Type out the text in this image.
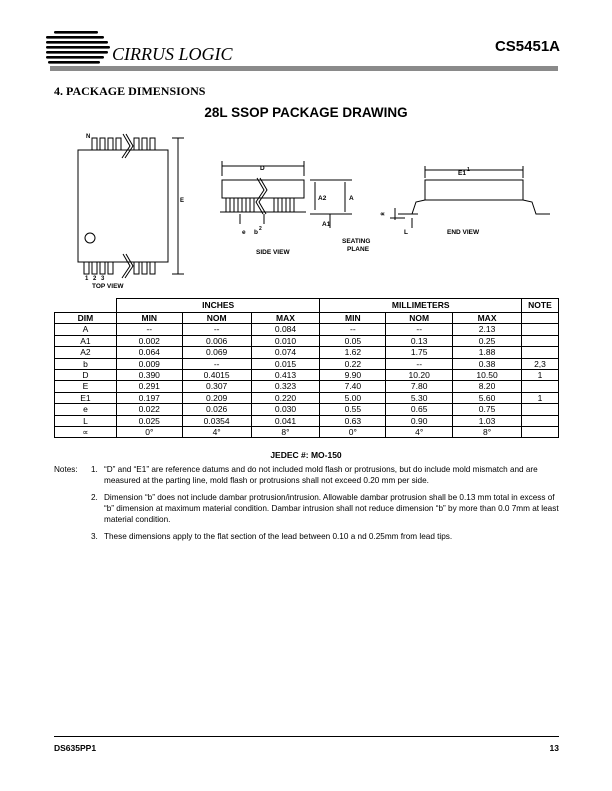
CIRRUS LOGIC	CS5451A
4. PACKAGE DIMENSIONS
28L SSOP PACKAGE DRAWING
N
E
1 2 3
TOP VIEW
D
A2	A
A1
e b 2
SEATING
PLANE
SIDE VIEW
E1 1
∝
L	END VIEW
	INCHES			MILLIMETERS			NOTE
DIM	MIN	NOM	MAX	MIN	NOM	MAX	
A	--	--	0.084	--	--	2.13	
A1	0.002	0.006	0.010	0.05	0.13	0.25	
A2	0.064	0.069	0.074	1.62	1.75	1.88	
b	0.009	--	0.015	0.22	--	0.38	2,3
D	0.390	0.4015	0.413	9.90	10.20	10.50	1
E	0.291	0.307	0.323	7.40	7.80	8.20	
E1	0.197	0.209	0.220	5.00	5.30	5.60	1
e	0.022	0.026	0.030	0.55	0.65	0.75	
L	0.025	0.0354	0.041	0.63	0.90	1.03	
∝	0°	4°	8°	0°	4°	8°	
JEDEC #: MO-150
Notes: 1. “D” and “E1” are reference datums and do not included mold flash or protrusions, but do include mold mismatch and are measured at the parting line, mold flash or protrusions shall not exceed 0.20 mm per side.
2. Dimension “b” does not include dambar protrusion/intrusion. Allowable dambar protrusion shall be 0.13 mm total in excess of “b” dimension at maximum material condition. Dambar intrusion shall not reduce dimension “b” by more than 0.0 7mm at least material condition.
3. These dimensions apply to the flat section of the lead between 0.10 a nd 0.25mm from lead tips.
DS635PP1	13
